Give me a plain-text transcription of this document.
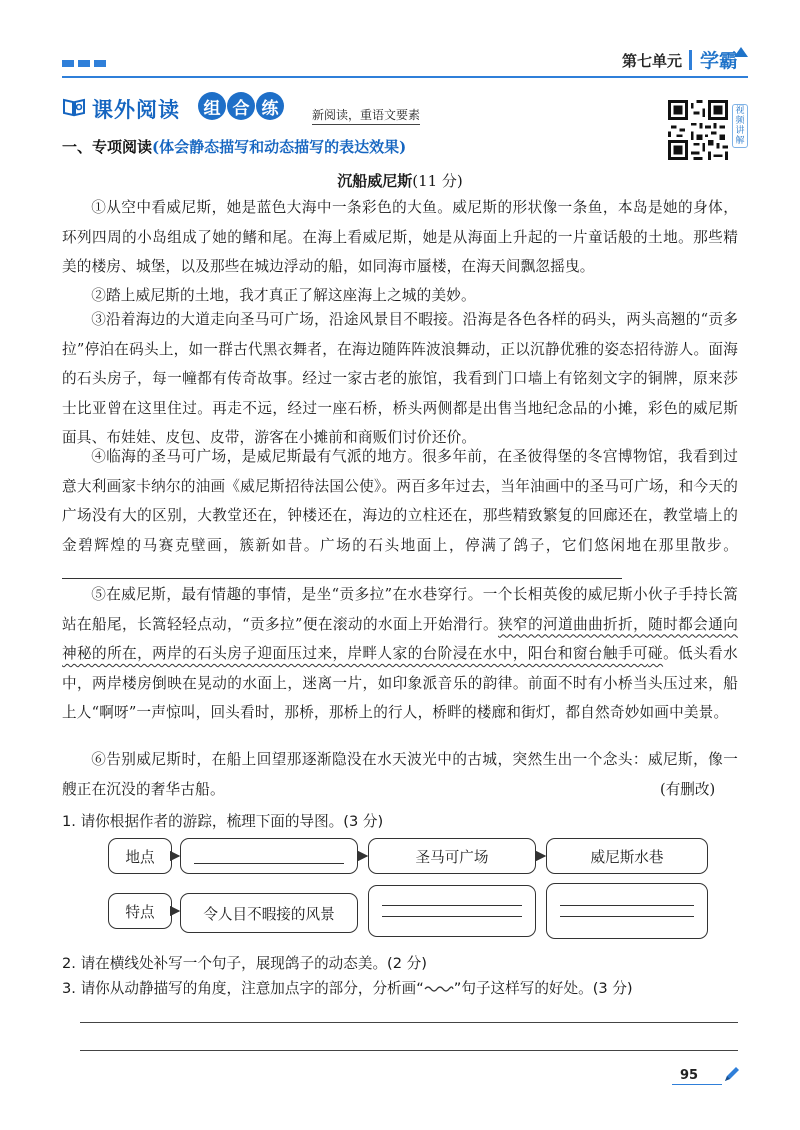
第七单元 学霸
课外阅读	组 合 练	新阅读，重语文要素	视频讲解
一、专项阅读(体会静态描写和动态描写的表达效果)
沉船威尼斯(11 分)

①从空中看威尼斯，她是蓝色大海中一条彩色的大鱼。威尼斯的形状像一条鱼，本岛是她的身体，环列四周的小岛组成了她的鳍和尾。在海上看威尼斯，她是从海面上升起的一片童话般的土地。那些精美的楼房、城堡，以及那些在城边浮动的船，如同海市蜃楼，在海天间飘忽摇曳。

②踏上威尼斯的土地，我才真正了解这座海上之城的美妙。

③沿着海边的大道走向圣马可广场，沿途风景目不暇接。沿海是各色各样的码头，两头高翘的“贡多拉”停泊在码头上，如一群古代黑衣舞者，在海边随阵阵波浪舞动，正以沉静优雅的姿态招待游人。面海的石头房子，每一幢都有传奇故事。经过一家古老的旅馆，我看到门口墙上有铭刻文字的铜牌，原来莎士比亚曾在这里住过。再走不远，经过一座石桥，桥头两侧都是出售当地纪念品的小摊，彩色的威尼斯面具、布娃娃、皮包、皮带，游客在小摊前和商贩们讨价还价。

④临海的圣马可广场，是威尼斯最有气派的地方。很多年前，在圣彼得堡的冬宫博物馆，我看到过意大利画家卡纳尔的油画《威尼斯招待法国公使》。两百多年过去，当年油画中的圣马可广场，和今天的广场没有大的区别，大教堂还在，钟楼还在，海边的立柱还在，那些精致繁复的回廊还在，教堂墙上的金碧辉煌的马赛克壁画，簇新如昔。广场的石头地面上，停满了鸽子，它们悠闲地在那里散步。

⑤在威尼斯，最有情趣的事情，是坐“贡多拉”在水巷穿行。一个长相英俊的威尼斯小伙子手持长篙站在船尾，长篙轻轻点动，“贡多拉”便在滚动的水面上开始滑行。狭窄的河道曲曲折折，随时都会通向神秘的所在，两岸的石头房子迎面压过来，岸畔人家的台阶浸在水中，阳台和窗台触手可碰。低头看水中，两岸楼房倒映在晃动的水面上，迷离一片，如印象派音乐的韵律。前面不时有小桥当头压过来，船上人“啊呀”一声惊叫，回头看时，那桥，那桥上的行人，桥畔的楼廊和街灯，都自然奇妙如画中美景。

⑥告别威尼斯时，在船上回望那逐渐隐没在水天波光中的古城，突然生出一个念头：威尼斯，像一艘正在沉没的奢华古船。	(有删改)
1. 请你根据作者的游踪，梳理下面的导图。(3 分)
地点	圣马可广场	威尼斯水巷
特点	令人目不暇接的风景
2. 请在横线处补写一个句子，展现鸽子的动态美。(2 分)
3. 请你从动静描写的角度，注意加点字的部分，分析画“ ”句子这样写的好处。(3 分)
95
